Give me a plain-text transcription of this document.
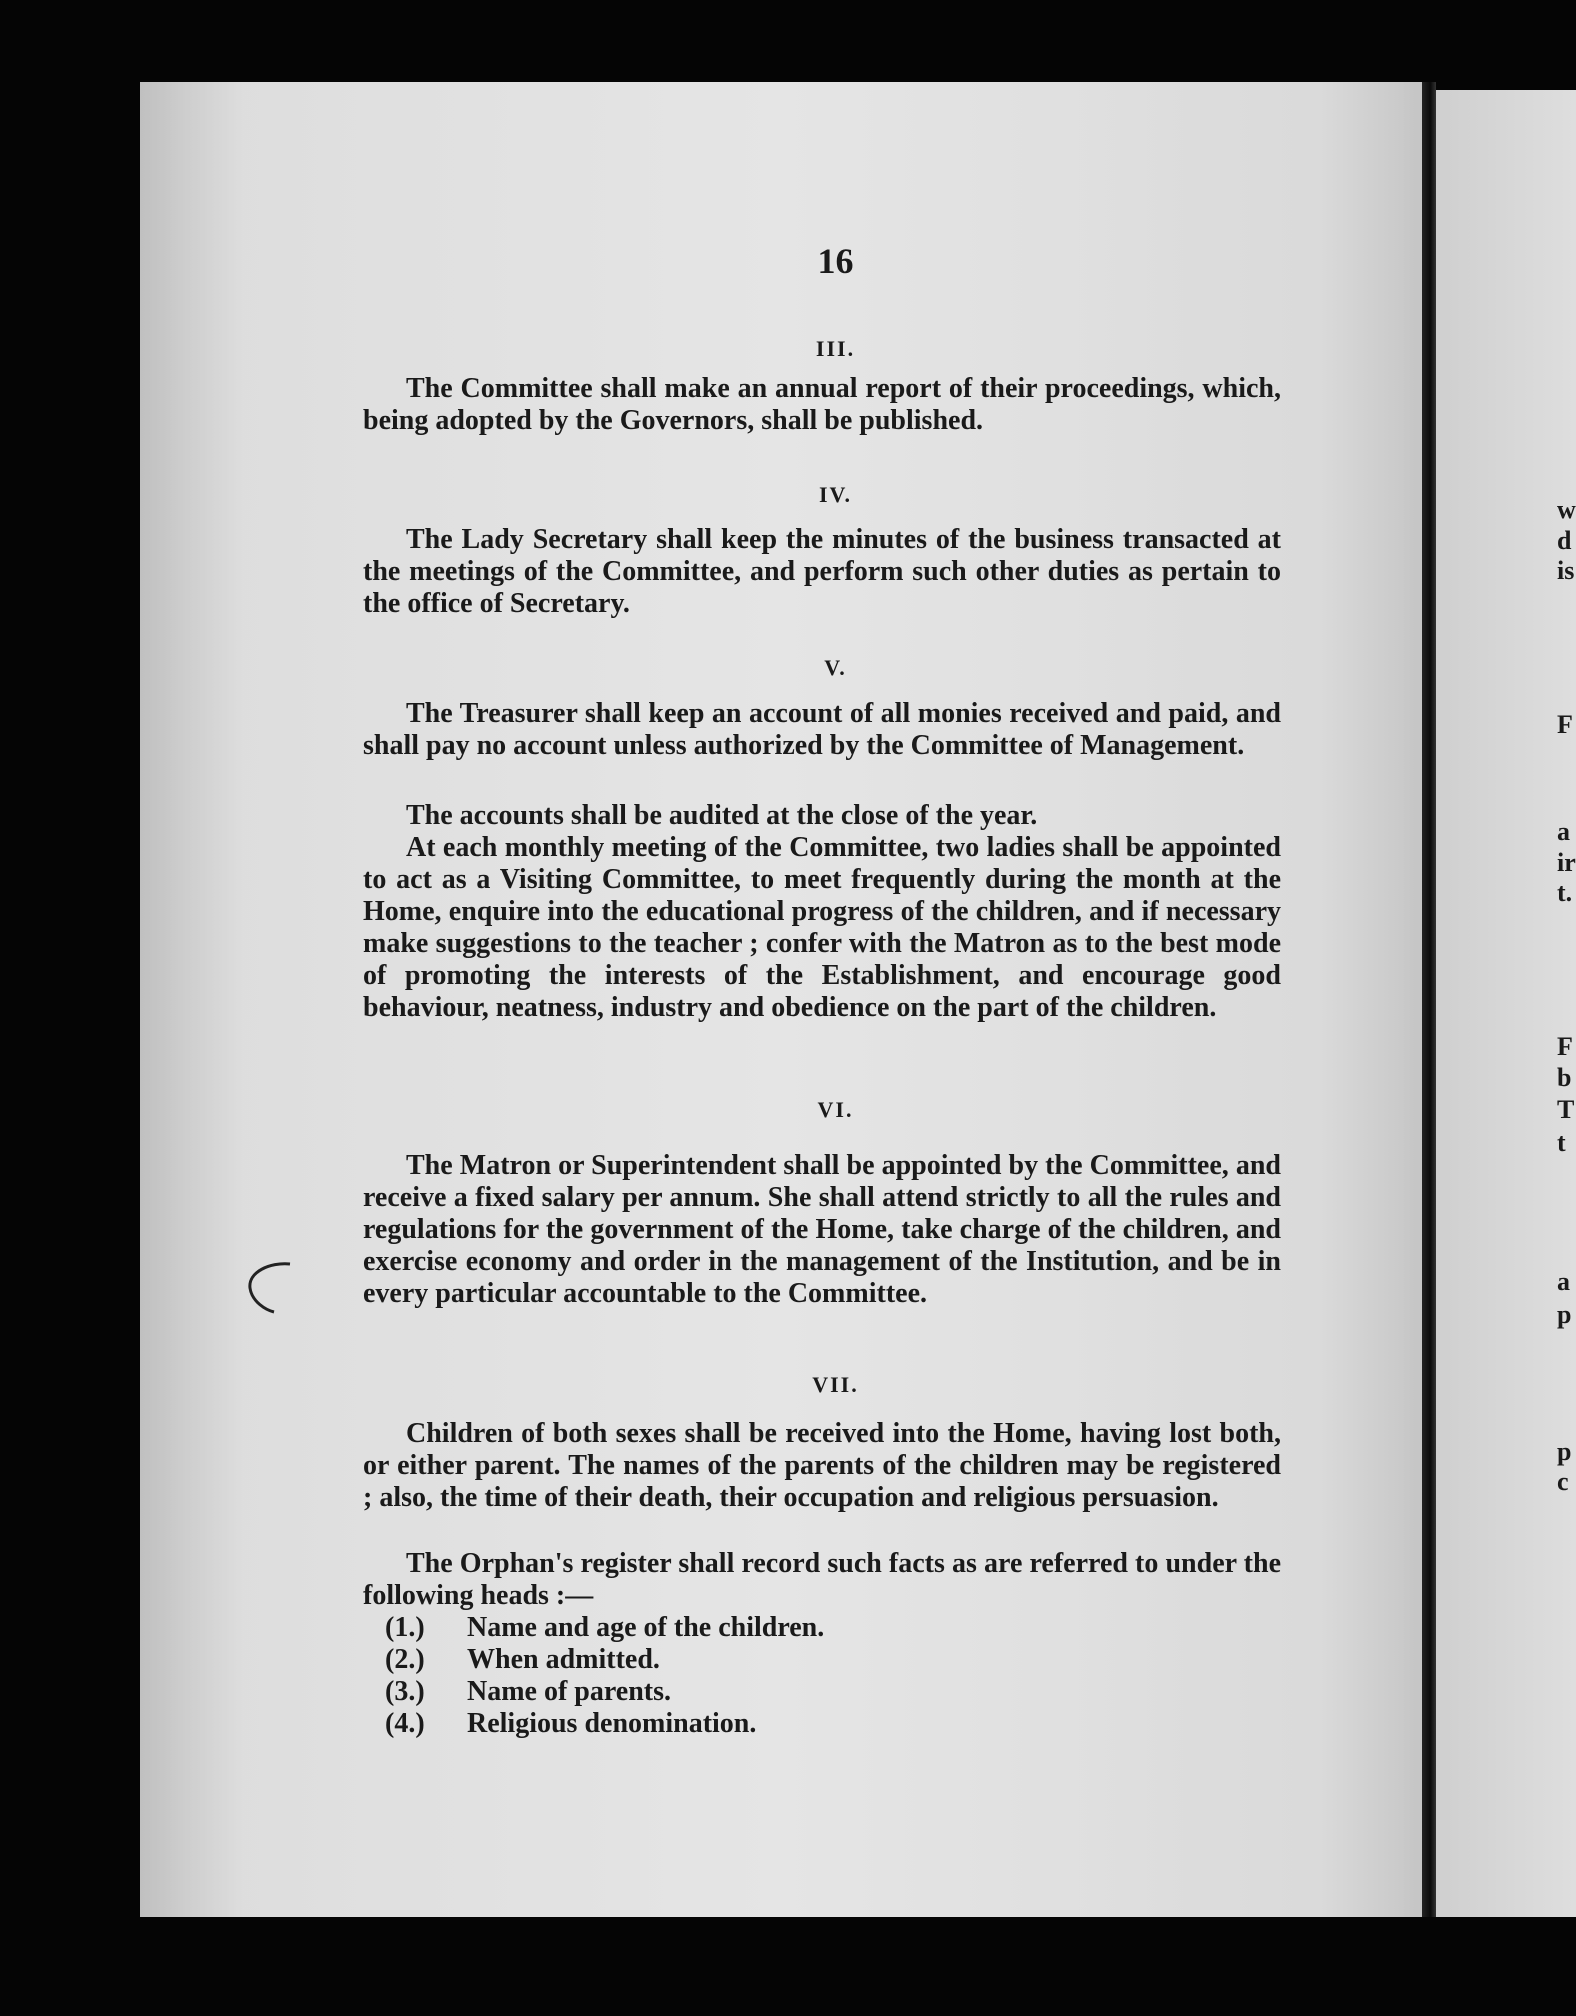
16
III.

The Committee shall make an annual report of their proceedings, which, being adopted by the Governors, shall be published.

IV.

The Lady Secretary shall keep the minutes of the business transacted at the meetings of the Committee, and perform such other duties as pertain to the office of Secretary.

V.

The Treasurer shall keep an account of all monies received and paid, and shall pay no account unless authorized by the Committee of Management.

The accounts shall be audited at the close of the year.

At each monthly meeting of the Committee, two ladies shall be appointed to act as a Visiting Committee, to meet frequently during the month at the Home, enquire into the educational progress of the children, and if necessary make suggestions to the teacher ; confer with the Matron as to the best mode of promoting the interests of the Establishment, and encourage good behaviour, neatness, industry and obedience on the part of the children.

VI.

The Matron or Superintendent shall be appointed by the Committee, and receive a fixed salary per annum. She shall attend strictly to all the rules and regulations for the government of the Home, take charge of the children, and exercise economy and order in the management of the Institution, and be in every particular accountable to the Committee.

VII.

Children of both sexes shall be received into the Home, having lost both, or either parent. The names of the parents of the children may be registered ; also, the time of their death, their occupation and religious persuasion.

The Orphan's register shall record such facts as are referred to under the following heads :—

(1.)	Name and age of the children.
(2.)	When admitted.
(3.)	Name of parents.
(4.)	Religious denomination.
w
d
is
F
a
ir
t.
F
b
T
t
a
p
p
c
